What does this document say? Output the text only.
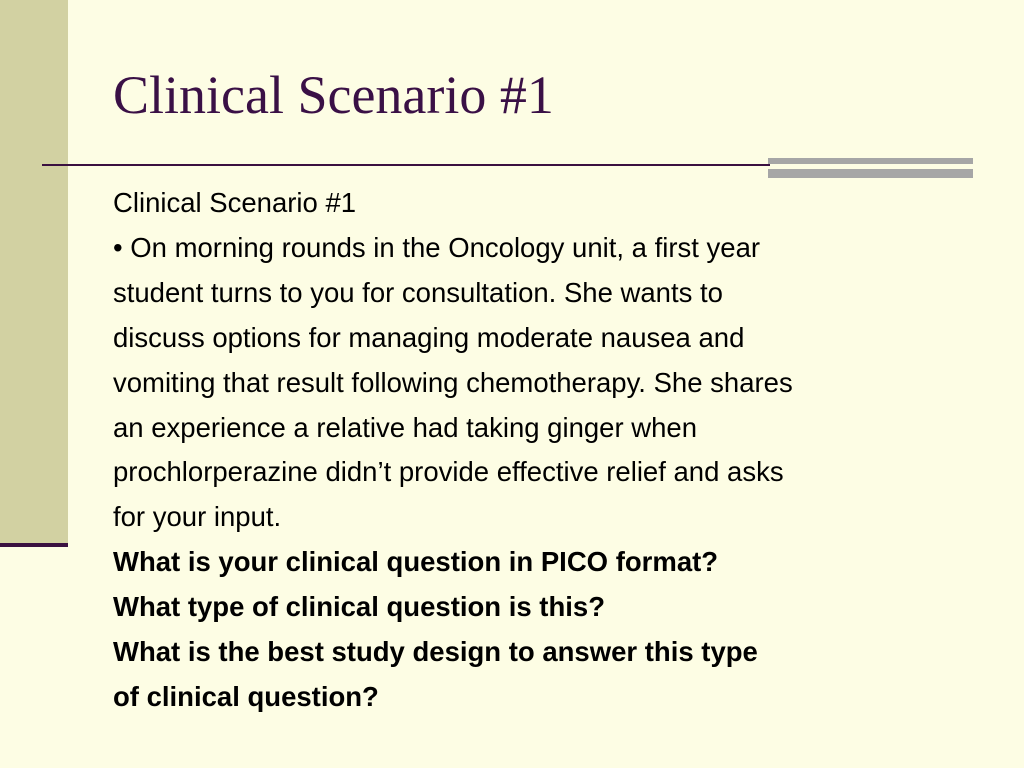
Clinical Scenario #1

Clinical Scenario #1

• On morning rounds in the Oncology unit, a first year

student turns to you for consultation. She wants to

discuss options for managing moderate nausea and

vomiting that result following chemotherapy. She shares

an experience a relative had taking ginger when

prochlorperazine didn’t provide effective relief and asks

for your input.

What is your clinical question in PICO format?

What type of clinical question is this?

What is the best study design to answer this type

of clinical question?
